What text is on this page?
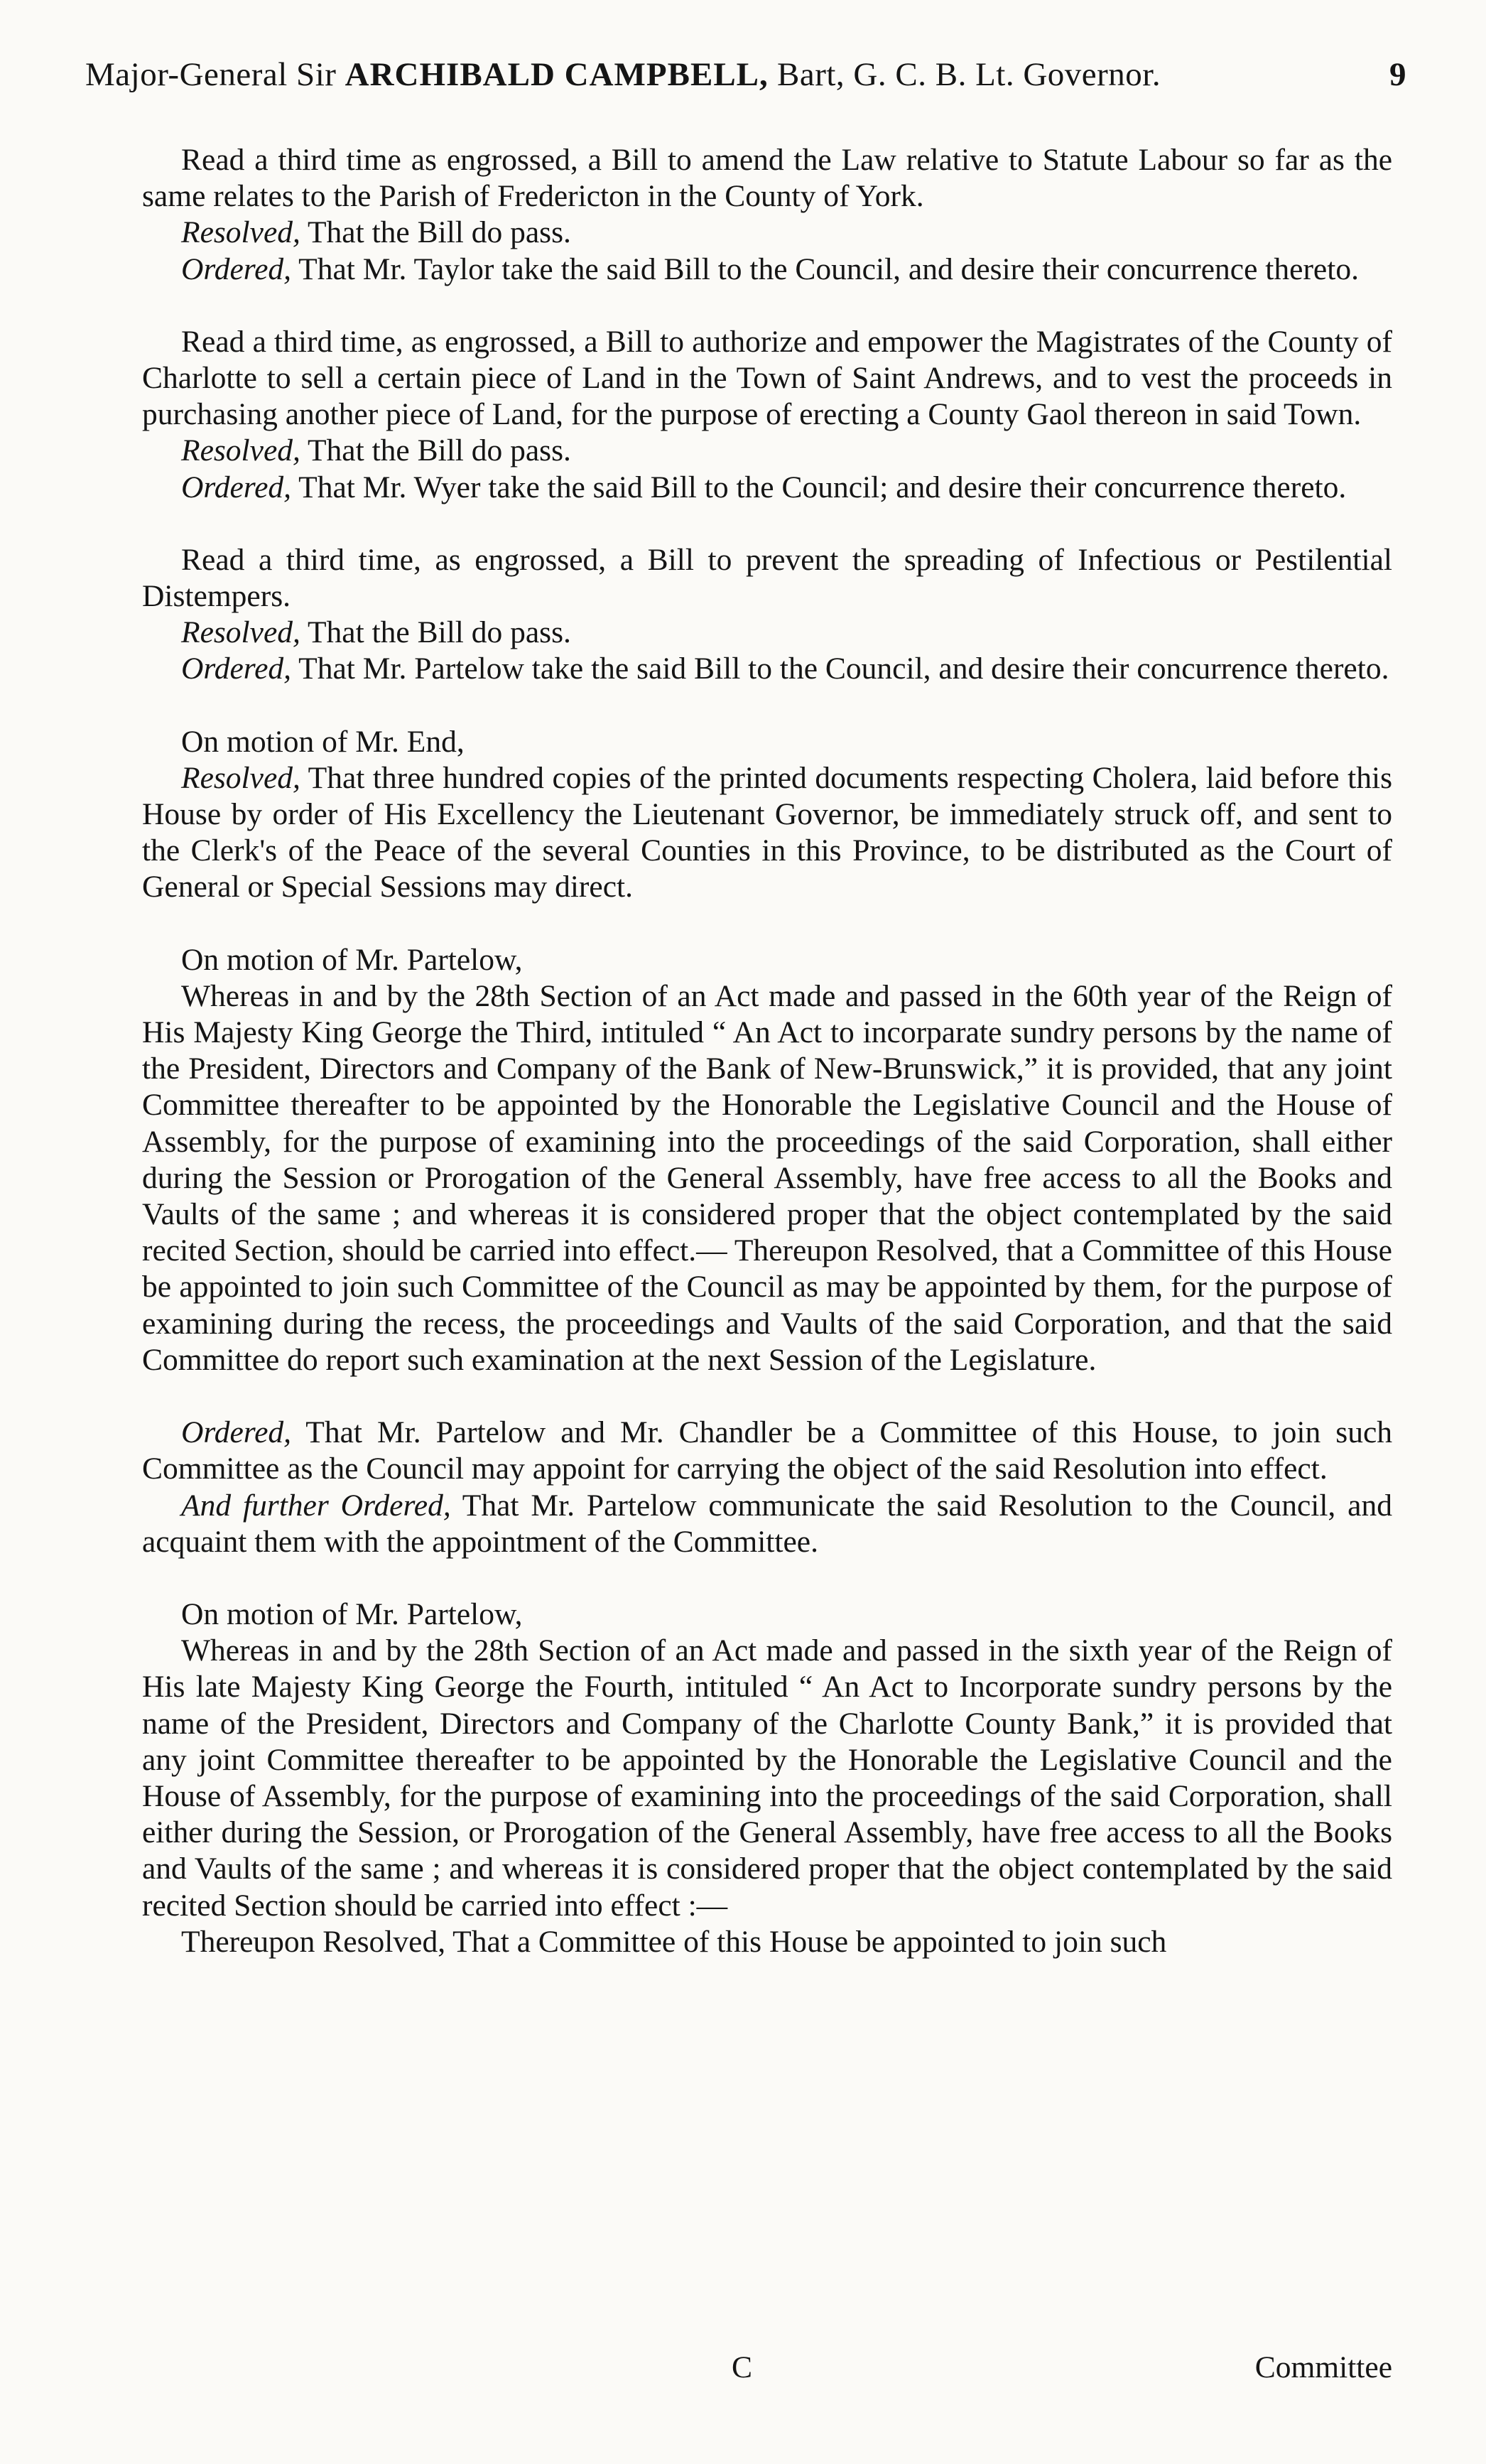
Major-General Sir ARCHIBALD CAMPBELL, Bart, G. C. B. Lt. Governor.	9

Read a third time as engrossed, a Bill to amend the Law relative to Statute Labour so far as the same relates to the Parish of Fredericton in the County of York.

Resolved, That the Bill do pass.

Ordered, That Mr. Taylor take the said Bill to the Council, and desire their concurrence thereto.

Read a third time, as engrossed, a Bill to authorize and empower the Magistrates of the County of Charlotte to sell a certain piece of Land in the Town of Saint Andrews, and to vest the proceeds in purchasing another piece of Land, for the purpose of erecting a County Gaol thereon in said Town.

Resolved, That the Bill do pass.

Ordered, That Mr. Wyer take the said Bill to the Council; and desire their concurrence thereto.

Read a third time, as engrossed, a Bill to prevent the spreading of Infectious or Pestilential Distempers.

Resolved, That the Bill do pass.

Ordered, That Mr. Partelow take the said Bill to the Council, and desire their concurrence thereto.

On motion of Mr. End,

Resolved, That three hundred copies of the printed documents respecting Cholera, laid before this House by order of His Excellency the Lieutenant Governor, be immediately struck off, and sent to the Clerk's of the Peace of the several Counties in this Province, to be distributed as the Court of General or Special Sessions may direct.

On motion of Mr. Partelow,

Whereas in and by the 28th Section of an Act made and passed in the 60th year of the Reign of His Majesty King George the Third, intituled “ An Act to incorparate sundry persons by the name of the President, Directors and Company of the Bank of New-Brunswick,” it is provided, that any joint Committee thereafter to be appointed by the Honorable the Legislative Council and the House of Assembly, for the purpose of examining into the proceedings of the said Corporation, shall either during the Session or Prorogation of the General Assembly, have free access to all the Books and Vaults of the same ; and whereas it is considered proper that the object contemplated by the said recited Section, should be carried into effect.— Thereupon Resolved, that a Committee of this House be appointed to join such Committee of the Council as may be appointed by them, for the purpose of examining during the recess, the proceedings and Vaults of the said Corporation, and that the said Committee do report such examination at the next Session of the Legislature.

Ordered, That Mr. Partelow and Mr. Chandler be a Committee of this House, to join such Committee as the Council may appoint for carrying the object of the said Resolution into effect.

And further Ordered, That Mr. Partelow communicate the said Resolution to the Council, and acquaint them with the appointment of the Committee.

On motion of Mr. Partelow,

Whereas in and by the 28th Section of an Act made and passed in the sixth year of the Reign of His late Majesty King George the Fourth, intituled “ An Act to Incorporate sundry persons by the name of the President, Directors and Company of the Charlotte County Bank,” it is provided that any joint Committee thereafter to be appointed by the Honorable the Legislative Council and the House of Assembly, for the purpose of examining into the proceedings of the said Corporation, shall either during the Session, or Prorogation of the General Assembly, have free access to all the Books and Vaults of the same ; and whereas it is considered proper that the object contemplated by the said recited Section should be carried into effect :—

Thereupon Resolved, That a Committee of this House be appointed to join such

C	Committee
